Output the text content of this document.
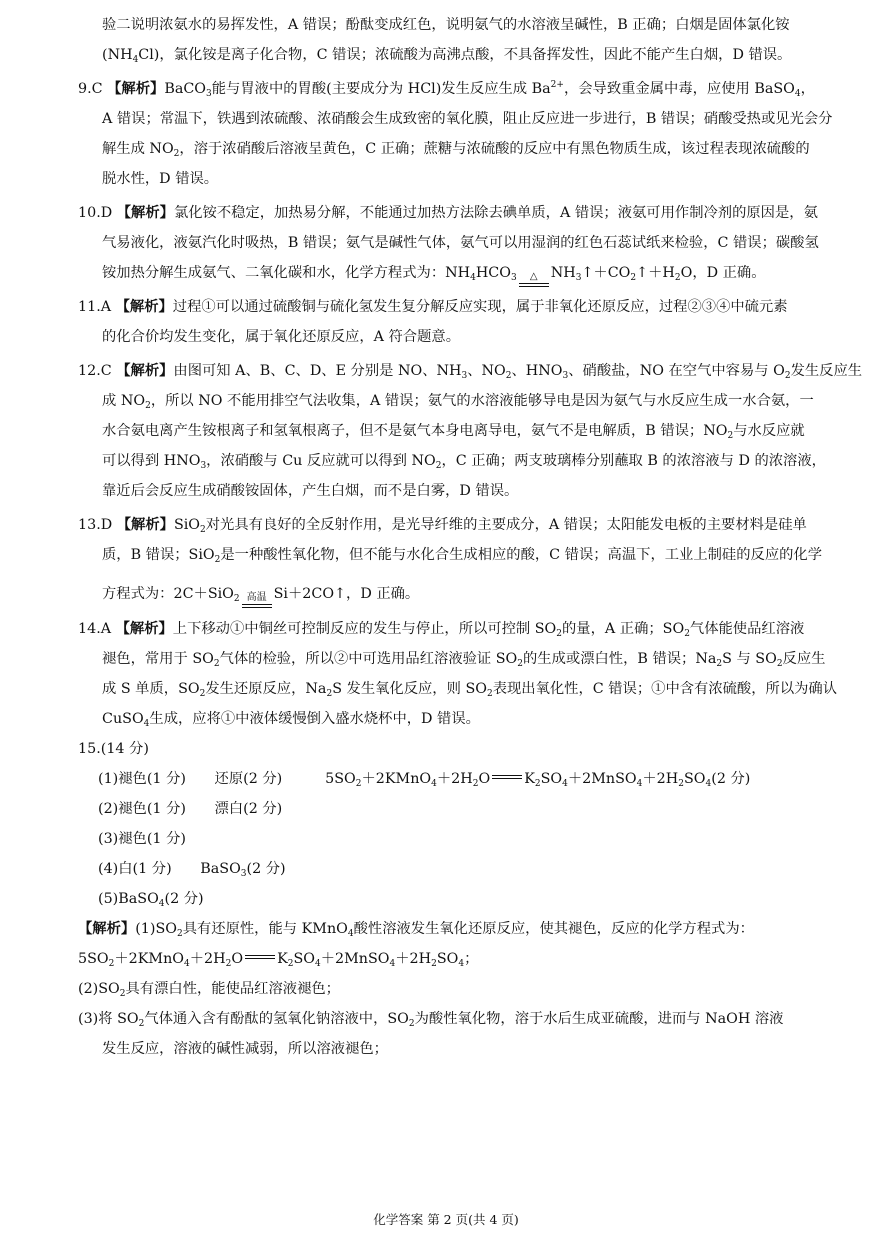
验二说明浓氨水的易挥发性，A 错误；酚酞变成红色，说明氨气的水溶液呈碱性，B 正确；白烟是固体氯化铵
$(NH_4Cl)$，氯化铵是离子化合物，C 错误；浓硫酸为高沸点酸，不具备挥发性，因此不能产生白烟，D 错误。
9.C 【解析】BaCO$_3$能与胃液中的胃酸(主要成分为 HCl)发生反应生成 $Ba^{2+}$，会导致重金属中毒，应使用 BaSO$_4$，
A 错误；常温下，铁遇到浓硫酸、浓硝酸会生成致密的氧化膜，阻止反应进一步进行，B 错误；硝酸受热或见光会分
解生成 $NO_2$，溶于浓硝酸后溶液呈黄色，C 正确；蔗糖与浓硫酸的反应中有黑色物质生成，该过程表现浓硫酸的
脱水性，D 错误。
10.D 【解析】氯化铵不稳定，加热易分解，不能通过加热方法除去碘单质，A 错误；液氨可用作制冷剂的原因是，氨
气易液化，液氨汽化时吸热，B 错误；氨气是碱性气体，氨气可以用湿润的红色石蕊试纸来检验，C 错误；碳酸氢
铵加热分解生成氨气、二氧化碳和水，化学方程式为：$NH_4HCO_3$	△ $NH_3↑+CO_2↑+H_2O$，D 正确。
11.A 【解析】过程①可以通过硫酸铜与硫化氢发生复分解反应实现，属于非氧化还原反应，过程②③④中硫元素
的化合价均发生变化，属于氧化还原反应，A 符合题意。
12.C 【解析】由图可知 A、B、C、D、E 分别是 NO、$NH_3$、$NO_2$、$HNO_3$、硝酸盐，NO 在空气中容易与 $O_2$发生反应生
成 $NO_2$，所以 NO 不能用排空气法收集，A 错误；氨气的水溶液能够导电是因为氨气与水反应生成一水合氨，一
水合氨电离产生铵根离子和氢氧根离子，但不是氨气本身电离导电，氨气不是电解质，B 错误；$NO_2$与水反应就
可以得到 $HNO_3$，浓硝酸与 Cu 反应就可以得到 $NO_2$，C 正确；两支玻璃棒分别蘸取 B 的浓溶液与 D 的浓溶液，
靠近后会反应生成硝酸铵固体，产生白烟，而不是白雾，D 错误。
13.D 【解析】SiO$_2$对光具有良好的全反射作用，是光导纤维的主要成分，A 错误；太阳能发电板的主要材料是硅单
质，B 错误；SiO$_2$是一种酸性氧化物，但不能与水化合生成相应的酸，C 错误；高温下，工业上制硅的反应的化学
方程式为：2C＋SiO$_2$ 高温 Si＋2CO↑，D 正确。
14.A 【解析】上下移动①中铜丝可控制反应的发生与停止，所以可控制 $SO_2$的量，A 正确；$SO_2$气体能使品红溶液
褪色，常用于 $SO_2$气体的检验，所以②中可选用品红溶液验证 $SO_2$的生成或漂白性，B 错误；$Na_2S$ 与 $SO_2$反应生
成 S 单质，$SO_2$发生还原反应，$Na_2S$ 发生氧化反应，则 $SO_2$表现出氧化性，C 错误；①中含有浓硫酸，所以为确认
CuSO$_4$生成，应将①中液体缓慢倒入盛水烧杯中，D 错误。
15.(14 分)
(1)褪色(1 分)   还原(2 分)   	$5SO_2+2KMnO_4+2H_2O$ $K_2SO_4+2MnSO_4+2H_2SO_4(2$ 分)
(2)褪色(1 分)   漂白(2 分)
(3)褪色(1 分)
(4)白(1 分)   BaSO$_3$(2 分)
(5)BaSO$_4$(2 分)
【解析】$(1)SO_2$具有还原性，能与 KMnO$_4$酸性溶液发生氧化还原反应，使其褪色，反应的化学方程式为：
$5SO_2+2KMnO_4+2H_2O$ $K_2SO_4+2MnSO_4+2H_2SO_4$；
$(2)SO_2$具有漂白性，能使品红溶液褪色；
(3)将 $SO_2$气体通入含有酚酞的氢氧化钠溶液中，$SO_2$为酸性氧化物，溶于水后生成亚硫酸，进而与 NaOH 溶液
发生反应，溶液的碱性减弱，所以溶液褪色；
化学答案 第 2 页(共 4 页)
